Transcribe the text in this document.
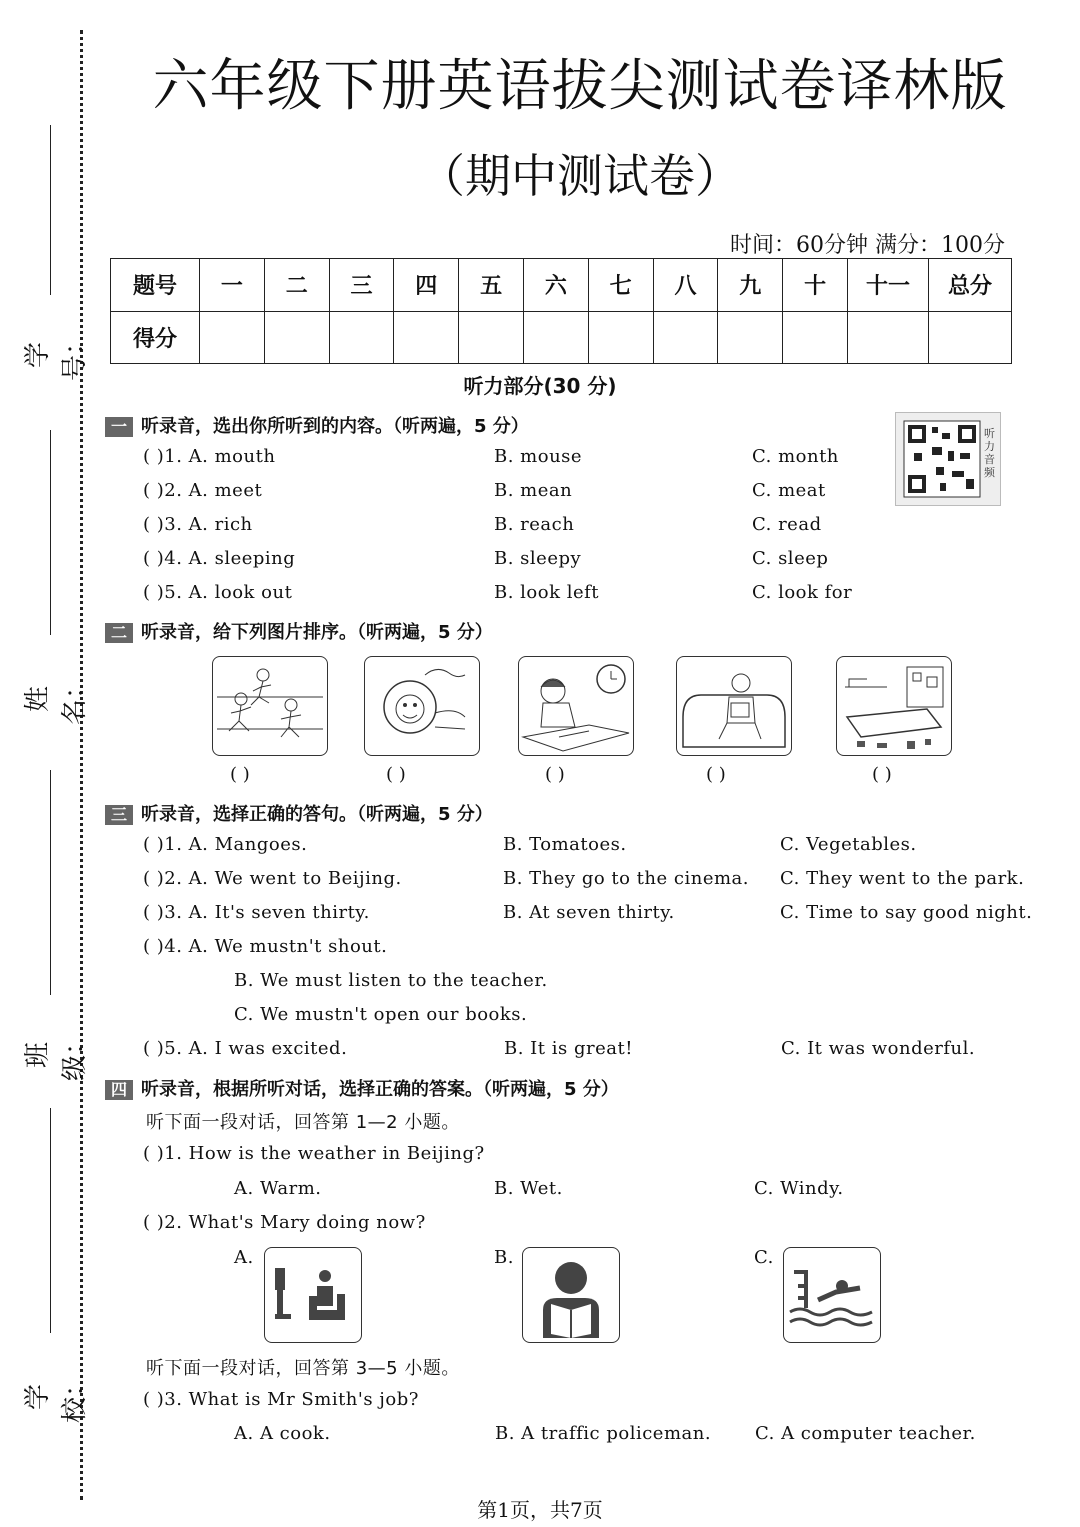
学号：
姓名：
班级：
学校：
六年级下册英语拔尖测试卷译林版
（期中测试卷）
时间：60分钟 满分：100分
题号	一	二	三	四	五	六	七	八	九	十	十一	总分
得分												
听力部分(30 分)
一 听录音，选出你所听到的内容。（听两遍，5 分）	听力音频
( )1. A. mouth	B. mouse	C. month
( )2. A. meet	B. mean	C. meat
( )3. A. rich	B. reach	C. read
( )4. A. sleeping	B. sleepy	C. sleep
( )5. A. look out	B. look left	C. look for
二 听录音，给下列图片排序。（听两遍，5 分）
( )	( )	( )	( )	( )
三 听录音，选择正确的答句。（听两遍，5 分）
( )1. A. Mangoes.	B. Tomatoes.	C. Vegetables.
( )2. A. We went to Beijing.	B. They go to the cinema. C. They went to the park.
( )3. A. It's seven thirty.	B. At seven thirty.	C. Time to say good night.
( )4. A. We mustn't shout.
B. We must listen to the teacher.
C. We mustn't open our books.
( )5. A. I was excited.	B. It is great!	C. It was wonderful.
四 听录音，根据所听对话，选择正确的答案。（听两遍，5 分）
听下面一段对话，回答第 1—2 小题。
( )1. How is the weather in Beijing?
A. Warm.	B. Wet.	C. Windy.
( )2. What's Mary doing now?
A.	B.	C.
听下面一段对话，回答第 3—5 小题。
( )3. What is Mr Smith's job?
A. A cook.	B. A traffic policeman. C. A computer teacher.
第1页，共7页
